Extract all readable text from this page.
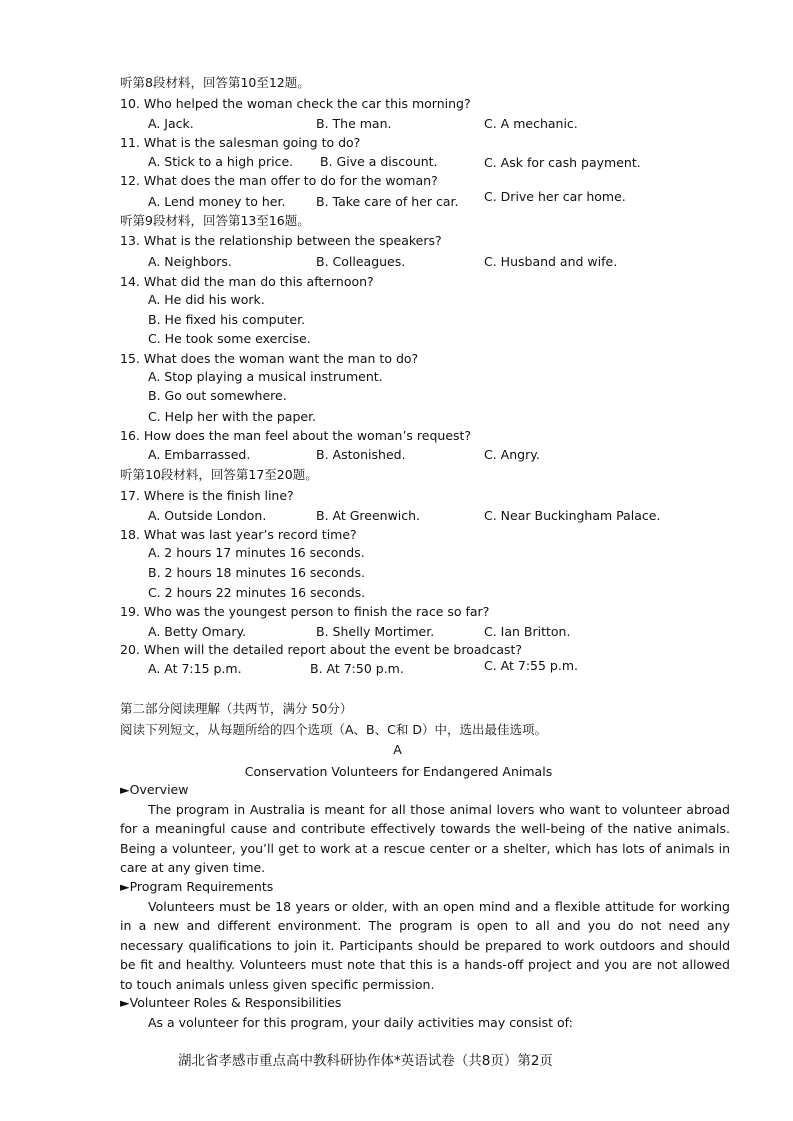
听第8段材料，回答第10至12题。
10. Who helped the woman check the car this morning?
A. Jack.	B. The man.	C. A mechanic.
11. What is the salesman going to do?
A. Stick to a high price. B. Give a discount.	C. Ask for cash payment.
12. What does the man offer to do for the woman?
A. Lend money to her. B. Take care of her car. C. Drive her car home.
听第9段材料，回答第13至16题。
13. What is the relationship between the speakers?
A. Neighbors.	B. Colleagues.	C. Husband and wife.
14. What did the man do this afternoon?
A. He did his work.
B. He fixed his computer.
C. He took some exercise.
15. What does the woman want the man to do?
A. Stop playing a musical instrument.
B. Go out somewhere.
C. Help her with the paper.
16. How does the man feel about the woman’s request?
A. Embarrassed.	B. Astonished.	C. Angry.
听第10段材料，回答第17至20题。
17. Where is the finish line?
A. Outside London.	B. At Greenwich.	C. Near Buckingham Palace.
18. What was last year’s record time?
A. 2 hours 17 minutes 16 seconds.
B. 2 hours 18 minutes 16 seconds.
C. 2 hours 22 minutes 16 seconds.
19. Who was the youngest person to finish the race so far?
A. Betty Omary.	B. Shelly Mortimer.	C. Ian Britton.
20. When will the detailed report about the event be broadcast?
A. At 7:15 p.m.	B. At 7:50 p.m.	C. At 7:55 p.m.
第二部分阅读理解（共两节，满分 50分）
阅读下列短文，从每题所给的四个选项（A、B、C和 D）中，选出最佳选项。
A
Conservation Volunteers for Endangered Animals
►Overview
The program in Australia is meant for all those animal lovers who want to volunteer abroad for a meaningful cause and contribute effectively towards the well-being of the native animals. Being a volunteer, you’ll get to work at a rescue center or a shelter, which has lots of animals in care at any given time.
►Program Requirements
Volunteers must be 18 years or older, with an open mind and a flexible attitude for working in a new and different environment. The program is open to all and you do not need any necessary qualifications to join it. Participants should be prepared to work outdoors and should be fit and healthy. Volunteers must note that this is a hands-off project and you are not allowed to touch animals unless given specific permission.
►Volunteer Roles & Responsibilities
As a volunteer for this program, your daily activities may consist of:
湖北省孝感市重点高中教科研协作体*英语试卷（共8页）第2页
